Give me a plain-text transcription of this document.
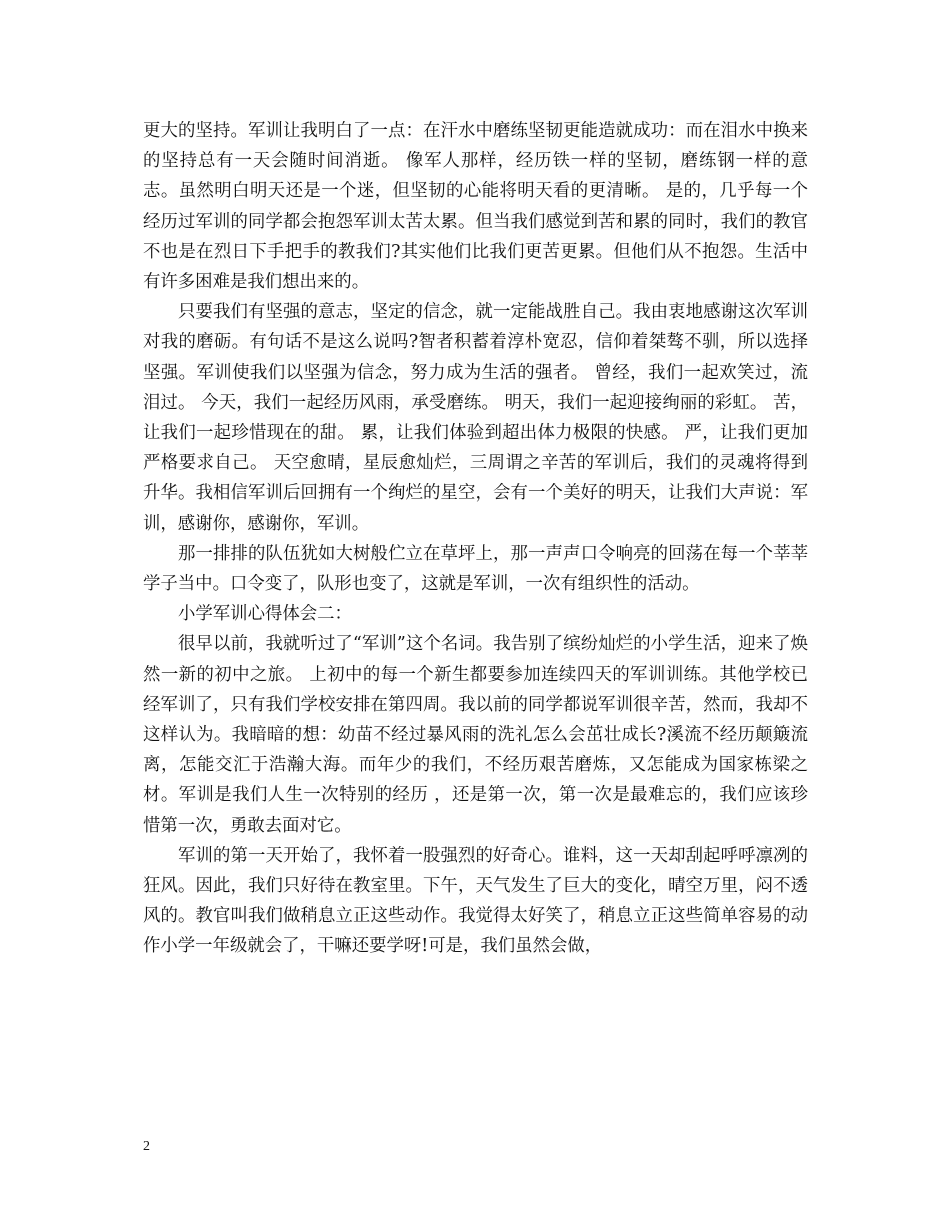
更大的坚持。军训让我明白了一点：在汗水中磨练坚韧更能造就成功：而在泪水中换来的坚持总有一天会随时间消逝。 像军人那样，经历铁一样的坚韧，磨练钢一样的意志。虽然明白明天还是一个迷，但坚韧的心能将明天看的更清晰。 是的，几乎每一个经历过军训的同学都会抱怨军训太苦太累。但当我们感觉到苦和累的同时，我们的教官不也是在烈日下手把手的教我们?其实他们比我们更苦更累。但他们从不抱怨。生活中有许多困难是我们想出来的。

只要我们有坚强的意志，坚定的信念，就一定能战胜自己。我由衷地感谢这次军训对我的磨砺。有句话不是这么说吗?智者积蓄着淳朴宽忍，信仰着桀骜不驯，所以选择坚强。军训使我们以坚强为信念，努力成为生活的强者。 曾经，我们一起欢笑过，流泪过。 今天，我们一起经历风雨，承受磨练。 明天，我们一起迎接绚丽的彩虹。 苦，让我们一起珍惜现在的甜。 累，让我们体验到超出体力极限的快感。 严，让我们更加严格要求自己。 天空愈晴，星辰愈灿烂，三周谓之辛苦的军训后，我们的灵魂将得到升华。我相信军训后回拥有一个绚烂的星空，会有一个美好的明天，让我们大声说：军训，感谢你，感谢你，军训。

那一排排的队伍犹如大树般伫立在草坪上，那一声声口令响亮的回荡在每一个莘莘学子当中。口令变了，队形也变了，这就是军训，一次有组织性的活动。

小学军训心得体会二：

很早以前，我就听过了“军训”这个名词。我告别了缤纷灿烂的小学生活，迎来了焕然一新的初中之旅。 上初中的每一个新生都要参加连续四天的军训训练。其他学校已经军训了，只有我们学校安排在第四周。我以前的同学都说军训很辛苦，然而，我却不这样认为。我暗暗的想：幼苗不经过暴风雨的洗礼怎么会茁壮成长?溪流不经历颠簸流离，怎能交汇于浩瀚大海。而年少的我们，不经历艰苦磨炼，又怎能成为国家栋梁之材。军训是我们人生一次特别的经历 ，还是第一次，第一次是最难忘的，我们应该珍惜第一次，勇敢去面对它。

军训的第一天开始了，我怀着一股强烈的好奇心。谁料，这一天却刮起呼呼凛冽的狂风。因此，我们只好待在教室里。下午，天气发生了巨大的变化，晴空万里，闷不透风的。教官叫我们做稍息立正这些动作。我觉得太好笑了，稍息立正这些简单容易的动作小学一年级就会了，干嘛还要学呀!可是，我们虽然会做，

2
